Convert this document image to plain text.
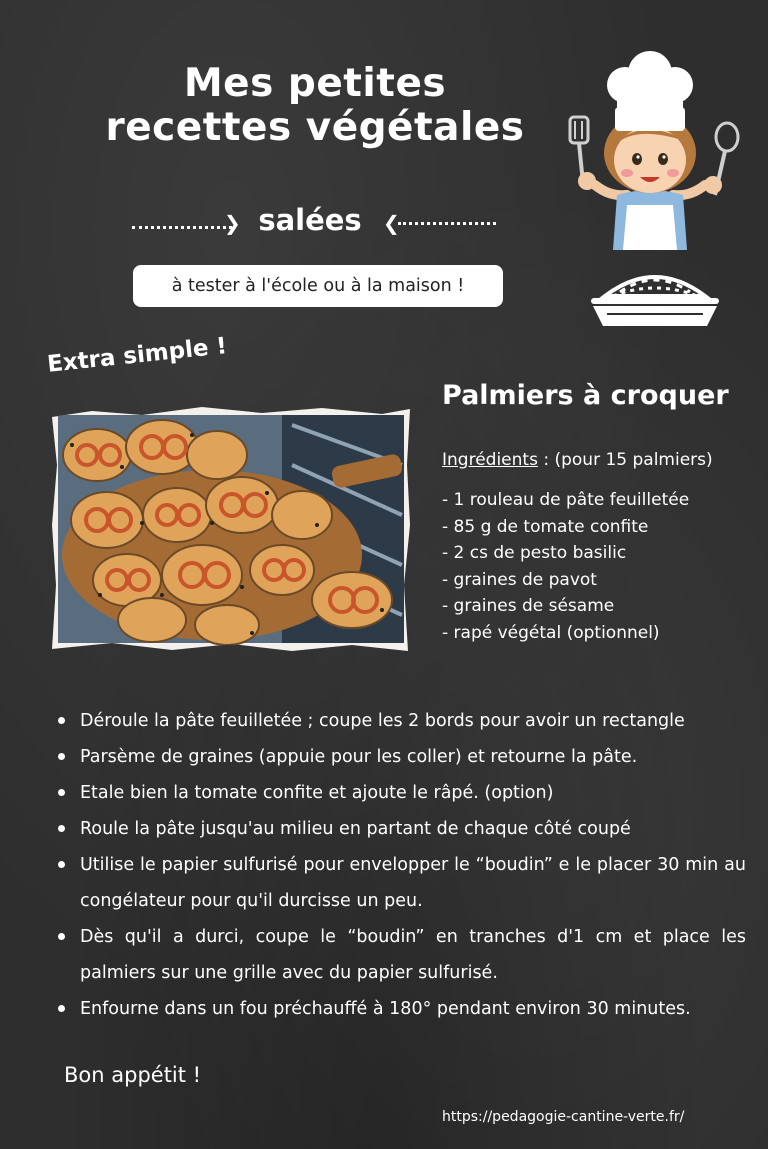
Mes petites
recettes végétales
❯ salées	❮
à tester à l'école ou à la maison !
Extra simple !
Palmiers à croquer
Ingrédients : (pour 15 palmiers)
- 1 rouleau de pâte feuilletée
- 85 g de tomate confite
- 2 cs de pesto basilic
- graines de pavot
- graines de sésame
- rapé végétal (optionnel)
Déroule la pâte feuilletée ; coupe les 2 bords pour avoir un rectangle
Parsème de graines (appuie pour les coller) et retourne la pâte.
Etale bien la tomate confite et ajoute le râpé. (option)
Roule la pâte jusqu'au milieu en partant de chaque côté coupé
Utilise le papier sulfurisé pour envelopper le “boudin” e le placer 30 min au congélateur pour qu'il durcisse un peu.
Dès qu'il a durci, coupe le “boudin” en tranches d'1 cm et place les palmiers sur une grille avec du papier sulfurisé.
Enfourne dans un fou préchauffé à 180° pendant environ 30 minutes.
Bon appétit !
https://pedagogie-cantine-verte.fr/
